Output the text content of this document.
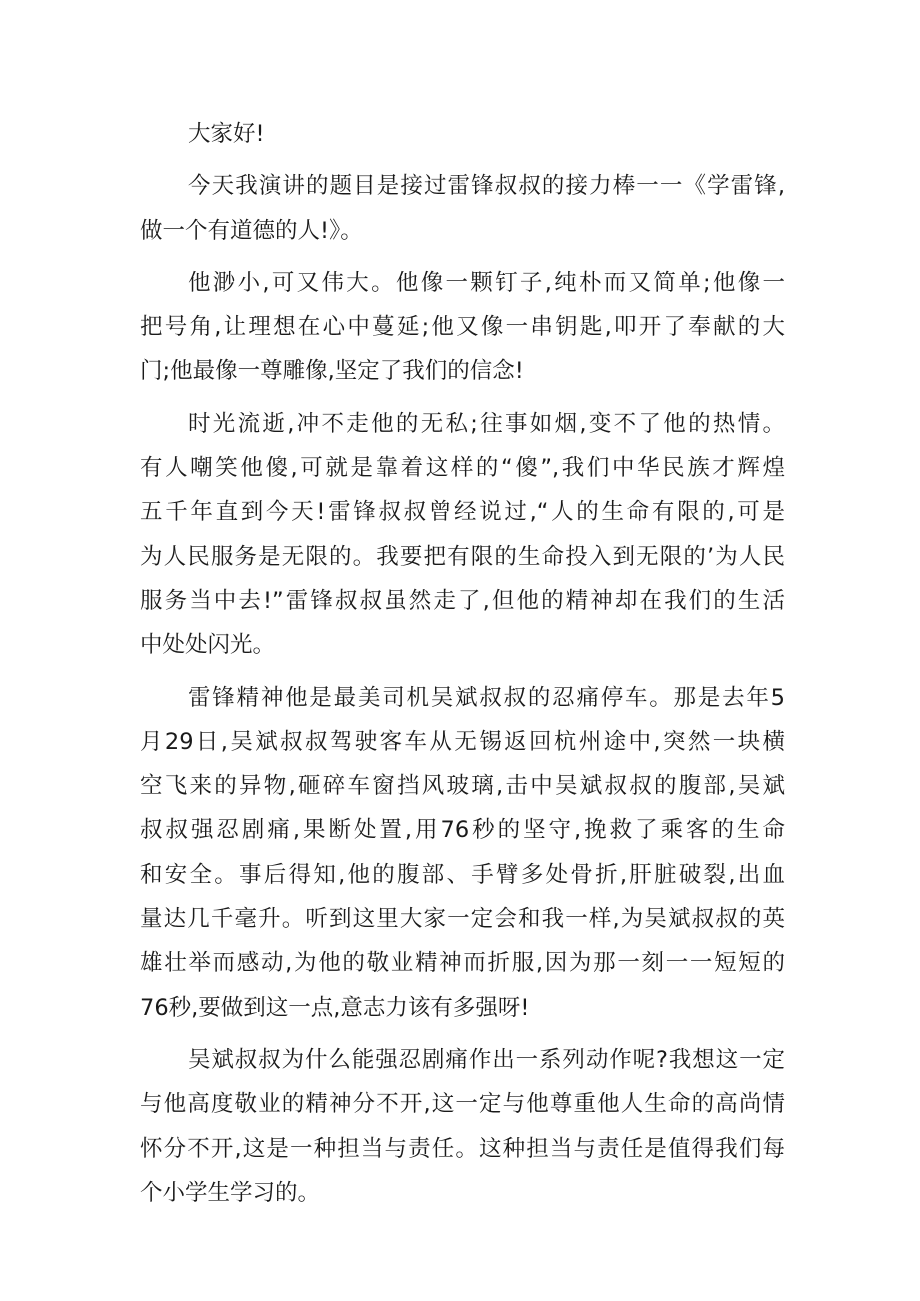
大家好!
今天我演讲的题目是接过雷锋叔叔的接力棒一一《学雷锋,
做一个有道德的人!》。
他渺小,可又伟大。他像一颗钉子,纯朴而又简单;他像一
把号角,让理想在心中蔓延;他又像一串钥匙,叩开了奉献的大
门;他最像一尊雕像,坚定了我们的信念!
时光流逝,冲不走他的无私;往事如烟,变不了他的热情。
有人嘲笑他傻,可就是靠着这样的“傻”,我们中华民族才辉煌
五千年直到今天!雷锋叔叔曾经说过,“人的生命有限的,可是
为人民服务是无限的。我要把有限的生命投入到无限的’为人民
服务当中去!”雷锋叔叔虽然走了,但他的精神却在我们的生活
中处处闪光。
雷锋精神他是最美司机吴斌叔叔的忍痛停车。那是去年5
月29日,吴斌叔叔驾驶客车从无锡返回杭州途中,突然一块横
空飞来的异物,砸碎车窗挡风玻璃,击中吴斌叔叔的腹部,吴斌
叔叔强忍剧痛,果断处置,用76秒的坚守,挽救了乘客的生命
和安全。事后得知,他的腹部、手臂多处骨折,肝脏破裂,出血
量达几千毫升。听到这里大家一定会和我一样,为吴斌叔叔的英
雄壮举而感动,为他的敬业精神而折服,因为那一刻一一短短的
76秒,要做到这一点,意志力该有多强呀!
吴斌叔叔为什么能强忍剧痛作出一系列动作呢?我想这一定
与他高度敬业的精神分不开,这一定与他尊重他人生命的高尚情
怀分不开,这是一种担当与责任。这种担当与责任是值得我们每
个小学生学习的。
